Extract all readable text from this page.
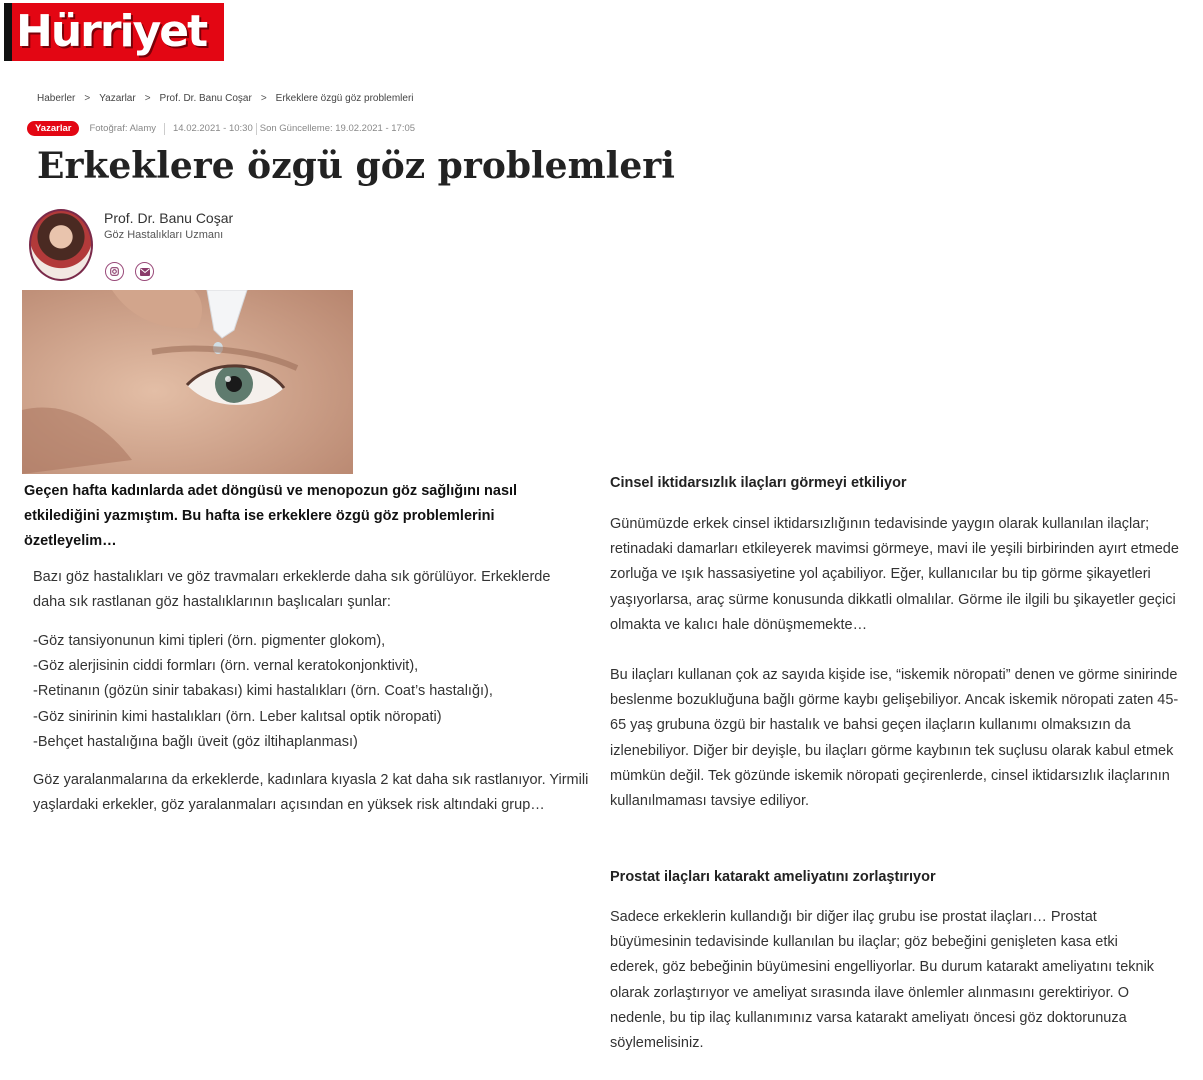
Hürriyet
Haberler > Yazarlar > Prof. Dr. Banu Coşar > Erkeklere özgü göz problemleri
Yazarlar	Fotoğraf: Alamy 14.02.2021 - 10:30 Son Güncelleme: 19.02.2021 - 17:05
Erkeklere özgü göz problemleri
Prof. Dr. Banu Coşar
Göz Hastalıkları Uzmanı

Geçen hafta kadınlarda adet döngüsü ve menopozun göz sağlığını nasıl etkilediğini yazmıştım. Bu hafta ise erkeklere özgü göz problemlerini özetleyelim…

Bazı göz hastalıkları ve göz travmaları erkeklerde daha sık görülüyor. Erkeklerde daha sık rastlanan göz hastalıklarının başlıcaları şunlar:

-Göz tansiyonunun kimi tipleri (örn. pigmenter glokom),
-Göz alerjisinin ciddi formları (örn. vernal keratokonjonktivit),
-Retinanın (gözün sinir tabakası) kimi hastalıkları (örn. Coat’s hastalığı),
-Göz sinirinin kimi hastalıkları (örn. Leber kalıtsal optik nöropati)
-Behçet hastalığına bağlı üveit (göz iltihaplanması)

Göz yaralanmalarına da erkeklerde, kadınlara kıyasla 2 kat daha sık rastlanıyor. Yirmili yaşlardaki erkekler, göz yaralanmaları açısından en yüksek risk altındaki grup…

Cinsel iktidarsızlık ilaçları görmeyi etkiliyor

Günümüzde erkek cinsel iktidarsızlığının tedavisinde yaygın olarak kullanılan ilaçlar; retinadaki damarları etkileyerek mavimsi görmeye, mavi ile yeşili birbirinden ayırt etmede zorluğa ve ışık hassasiyetine yol açabiliyor. Eğer, kullanıcılar bu tip görme şikayetleri yaşıyorlarsa, araç sürme konusunda dikkatli olmalılar. Görme ile ilgili bu şikayetler geçici olmakta ve kalıcı hale dönüşmemekte…

Bu ilaçları kullanan çok az sayıda kişide ise, “iskemik nöropati” denen ve görme sinirinde beslenme bozukluğuna bağlı görme kaybı gelişebiliyor. Ancak iskemik nöropati zaten 45-65 yaş grubuna özgü bir hastalık ve bahsi geçen ilaçların kullanımı olmaksızın da izlenebiliyor. Diğer bir deyişle, bu ilaçları görme kaybının tek suçlusu olarak kabul etmek mümkün değil. Tek gözünde iskemik nöropati geçirenlerde, cinsel iktidarsızlık ilaçlarının kullanılmaması tavsiye ediliyor.

Prostat ilaçları katarakt ameliyatını zorlaştırıyor

Sadece erkeklerin kullandığı bir diğer ilaç grubu ise prostat ilaçları… Prostat büyümesinin tedavisinde kullanılan bu ilaçlar; göz bebeğini genişleten kasa etki ederek, göz bebeğinin büyümesini engelliyorlar. Bu durum katarakt ameliyatını teknik olarak zorlaştırıyor ve ameliyat sırasında ilave önlemler alınmasını gerektiriyor. O nedenle, bu tip ilaç kullanımınız varsa katarakt ameliyatı öncesi göz doktorunuza söylemelisiniz.
